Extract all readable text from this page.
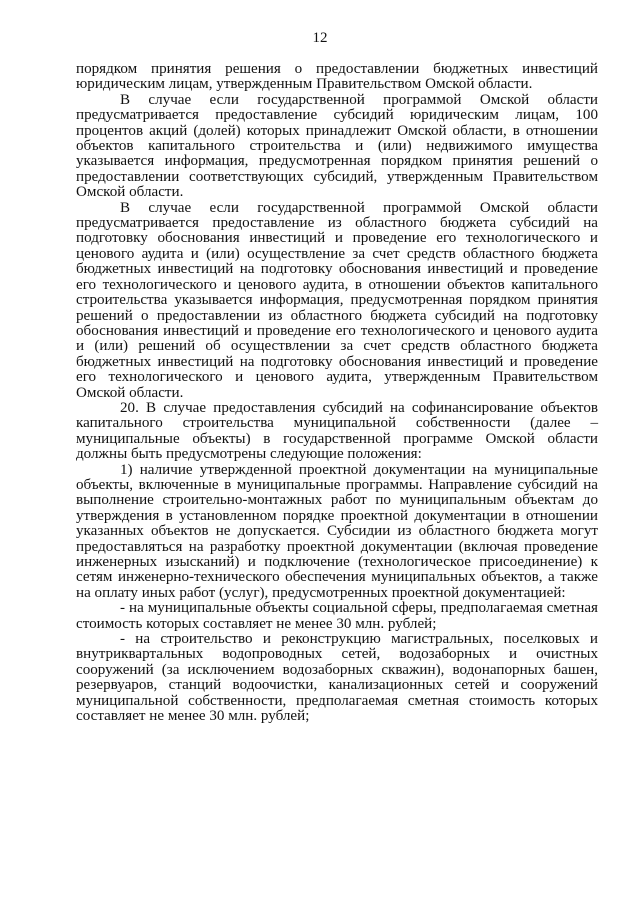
12

порядком принятия решения о предоставлении бюджетных инвестиций юридическим лицам, утвержденным Правительством Омской области.

В случае если государственной программой Омской области предусматривается предоставление субсидий юридическим лицам, 100 процентов акций (долей) которых принадлежит Омской области, в отношении объектов капитального строительства и (или) недвижимого имущества указывается информация, предусмотренная порядком принятия решений о предоставлении соответствующих субсидий, утвержденным Правительством Омской области.

В случае если государственной программой Омской области предусматривается предоставление из областного бюджета субсидий на подготовку обоснования инвестиций и проведение его технологического и ценового аудита и (или) осуществление за счет средств областного бюджета бюджетных инвестиций на подготовку обоснования инвестиций и проведение его технологического и ценового аудита, в отношении объектов капитального строительства указывается информация, предусмотренная порядком принятия решений о предоставлении из областного бюджета субсидий на подготовку обоснования инвестиций и проведение его технологического и ценового аудита и (или) решений об осуществлении за счет средств областного бюджета бюджетных инвестиций на подготовку обоснования инвестиций и проведение его технологического и ценового аудита, утвержденным Правительством Омской области.

20. В случае предоставления субсидий на софинансирование объектов капитального строительства муниципальной собственности (далее – муниципальные объекты) в государственной программе Омской области должны быть предусмотрены следующие положения:

1) наличие утвержденной проектной документации на муниципальные объекты, включенные в муниципальные программы. Направление субсидий на выполнение строительно-монтажных работ по муниципальным объектам до утверждения в установленном порядке проектной документации в отношении указанных объектов не допускается. Субсидии из областного бюджета могут предоставляться на разработку проектной документации (включая проведение инженерных изысканий) и подключение (технологическое присоединение) к сетям инженерно-технического обеспечения муниципальных объектов, а также на оплату иных работ (услуг), предусмотренных проектной документацией:

- на муниципальные объекты социальной сферы, предполагаемая сметная стоимость которых составляет не менее 30 млн. рублей;

- на строительство и реконструкцию магистральных, поселковых и внутриквартальных водопроводных сетей, водозаборных и очистных сооружений (за исключением водозаборных скважин), водонапорных башен, резервуаров, станций водоочистки, канализационных сетей и сооружений муниципальной собственности, предполагаемая сметная стоимость которых составляет не менее 30 млн. рублей;
